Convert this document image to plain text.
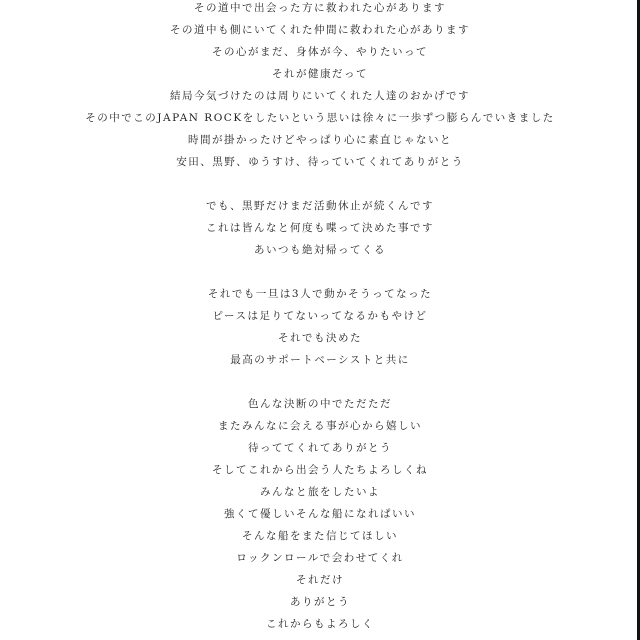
その道中で出会った方に救われた心があります
その道中も側にいてくれた仲間に救われた心があります
その心がまだ、身体が今、やりたいって
それが健康だって
結局今気づけたのは周りにいてくれた人達のおかげです
その中でこのJAPAN ROCKをしたいという思いは徐々に一歩ずつ膨らんでいきました
時間が掛かったけどやっぱり心に素直じゃないと
安田、黒野、ゆうすけ、待っていてくれてありがとう
でも、黒野だけまだ活動休止が続くんです
これは皆んなと何度も喋って決めた事です
あいつも絶対帰ってくる
それでも一旦は3人で動かそうってなった
ピースは足りてないってなるかもやけど
それでも決めた
最高のサポートベーシストと共に
色んな決断の中でただただ
またみんなに会える事が心から嬉しい
待っててくれてありがとう
そしてこれから出会う人たちよろしくね
みんなと旅をしたいよ
強くて優しいそんな船になれぱいい
そんな船をまた信じてほしい
ロックンロールで会わせてくれ
それだけ
ありがとう
これからもよろしく
